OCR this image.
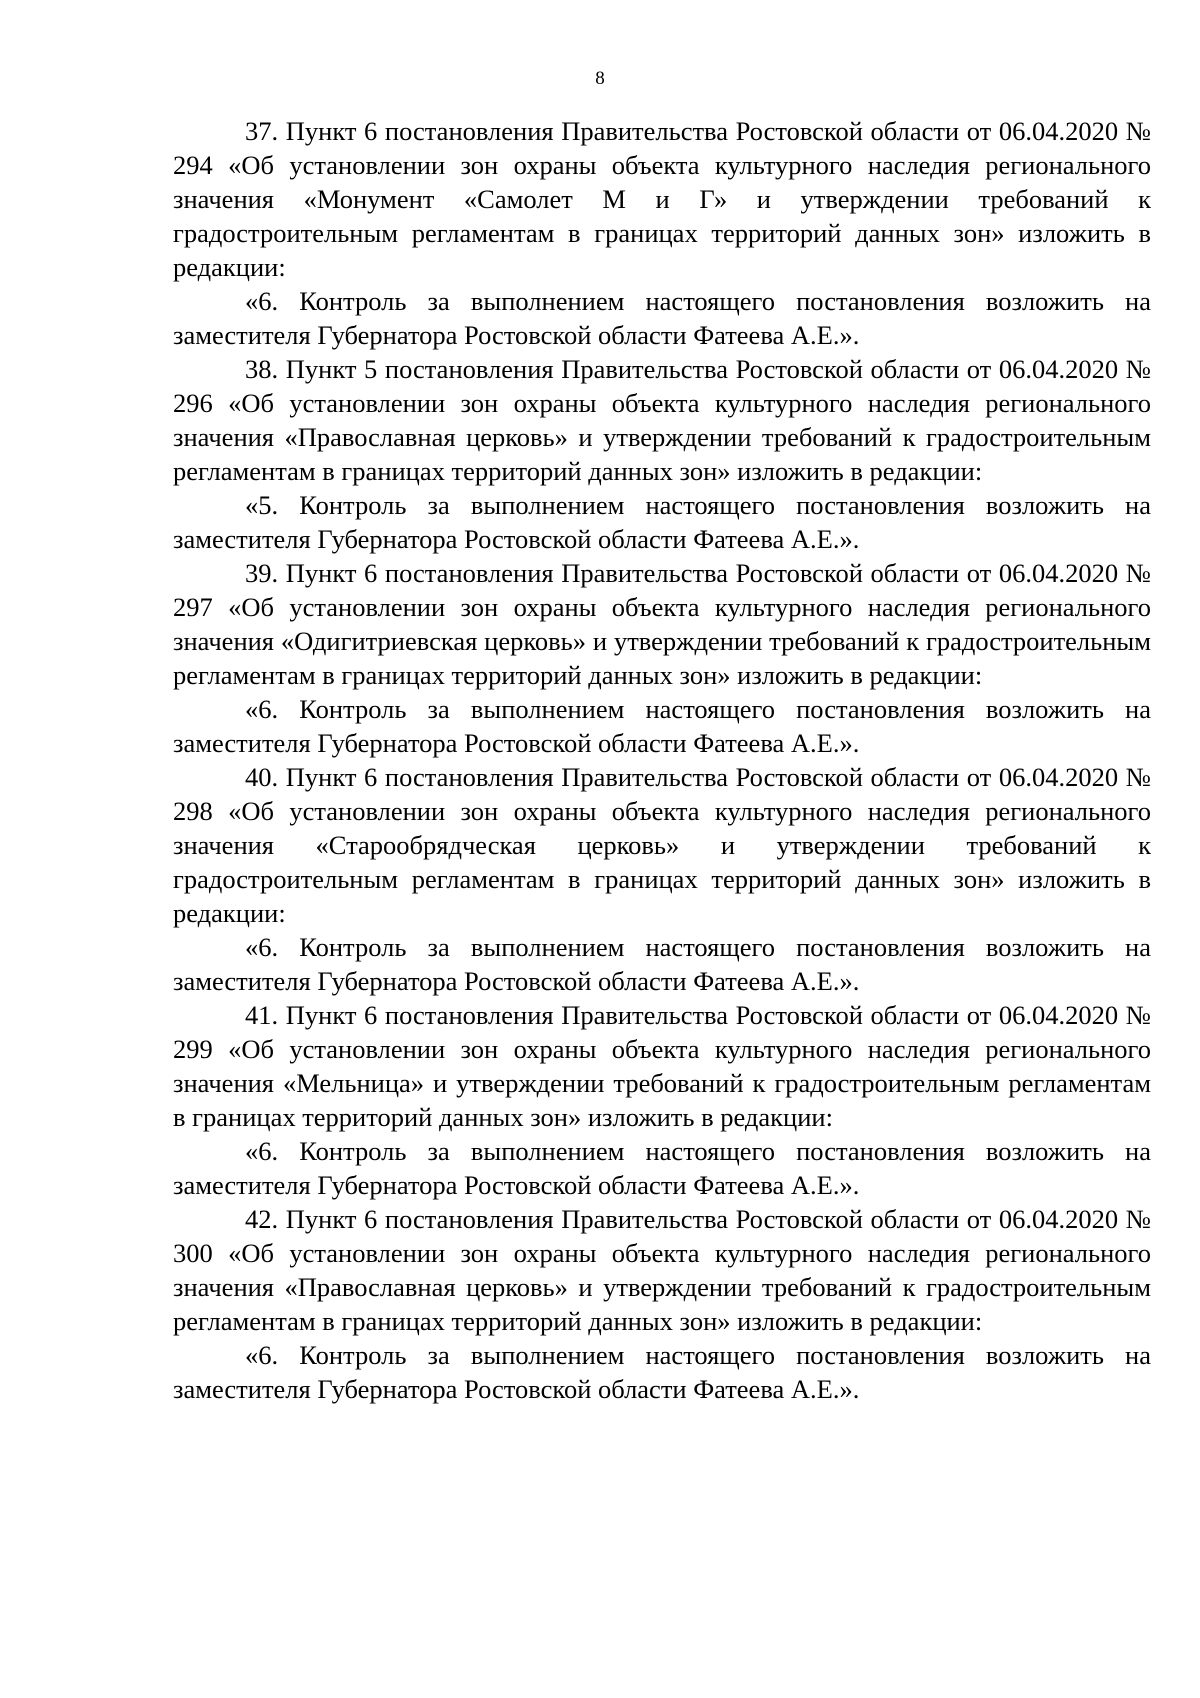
8

37. Пункт 6 постановления Правительства Ростовской области от 06.04.2020 № 294 «Об установлении зон охраны объекта культурного наследия регионального значения «Монумент «Самолет М и Г» и утверждении требований к градостроительным регламентам в границах территорий данных зон» изложить в редакции:

«6. Контроль за выполнением настоящего постановления возложить на заместителя Губернатора Ростовской области Фатеева А.Е.».

38. Пункт 5 постановления Правительства Ростовской области от 06.04.2020 № 296 «Об установлении зон охраны объекта культурного наследия регионального значения «Православная церковь» и утверждении требований к градостроительным регламентам в границах территорий данных зон» изложить в редакции:

«5. Контроль за выполнением настоящего постановления возложить на заместителя Губернатора Ростовской области Фатеева А.Е.».

39. Пункт 6 постановления Правительства Ростовской области от 06.04.2020 № 297 «Об установлении зон охраны объекта культурного наследия регионального значения «Одигитриевская церковь» и утверждении требований к градостроительным регламентам в границах территорий данных зон» изложить в редакции:

«6. Контроль за выполнением настоящего постановления возложить на заместителя Губернатора Ростовской области Фатеева А.Е.».

40. Пункт 6 постановления Правительства Ростовской области от 06.04.2020 № 298 «Об установлении зон охраны объекта культурного наследия регионального значения «Старообрядческая церковь» и утверждении требований к градостроительным регламентам в границах территорий данных зон» изложить в редакции:

«6. Контроль за выполнением настоящего постановления возложить на заместителя Губернатора Ростовской области Фатеева А.Е.».

41. Пункт 6 постановления Правительства Ростовской области от 06.04.2020 № 299 «Об установлении зон охраны объекта культурного наследия регионального значения «Мельница» и утверждении требований к градостроительным регламентам в границах территорий данных зон» изложить в редакции:

«6. Контроль за выполнением настоящего постановления возложить на заместителя Губернатора Ростовской области Фатеева А.Е.».

42. Пункт 6 постановления Правительства Ростовской области от 06.04.2020 № 300 «Об установлении зон охраны объекта культурного наследия регионального значения «Православная церковь» и утверждении требований к градостроительным регламентам в границах территорий данных зон» изложить в редакции:

«6. Контроль за выполнением настоящего постановления возложить на заместителя Губернатора Ростовской области Фатеева А.Е.».
